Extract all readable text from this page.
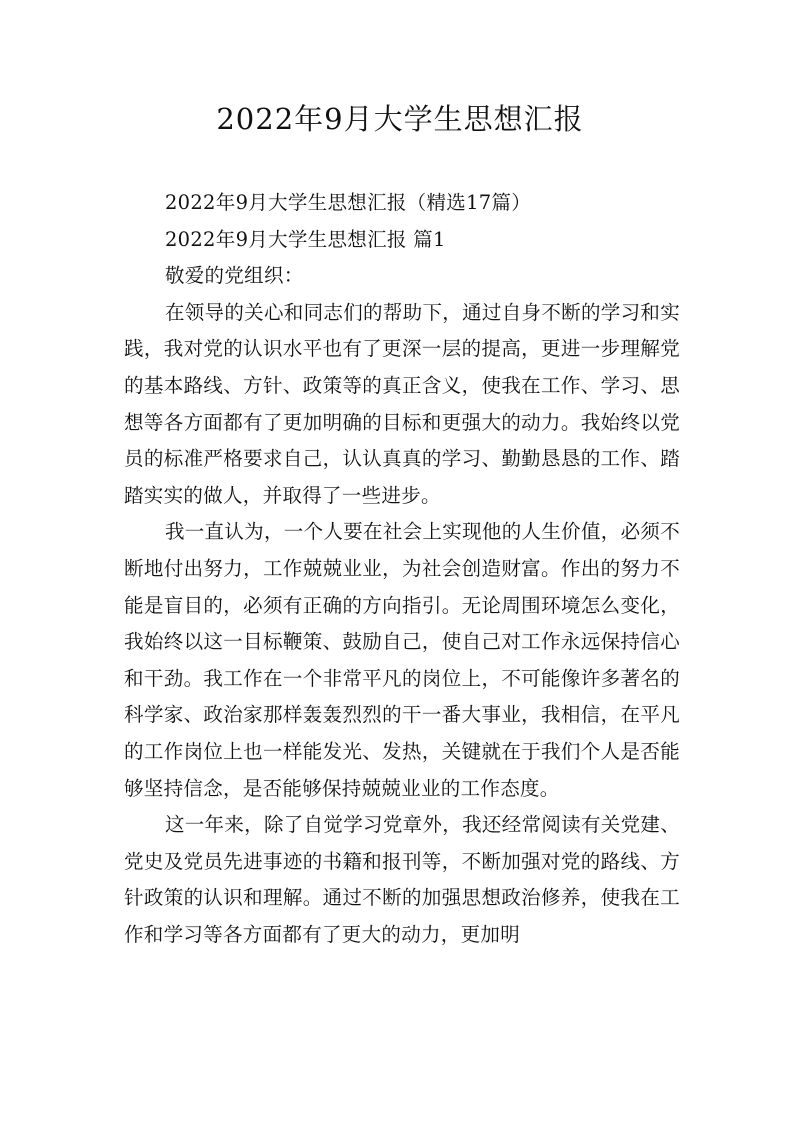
2022年9月大学生思想汇报

2022年9月大学生思想汇报（精选17篇）

2022年9月大学生思想汇报 篇1

敬爱的党组织：

在领导的关心和同志们的帮助下，通过自身不断的学习和实践，我对党的认识水平也有了更深一层的提高，更进一步理解党的基本路线、方针、政策等的真正含义，使我在工作、学习、思想等各方面都有了更加明确的目标和更强大的动力。我始终以党员的标准严格要求自己，认认真真的学习、勤勤恳恳的工作、踏踏实实的做人，并取得了一些进步。

我一直认为，一个人要在社会上实现他的人生价值，必须不断地付出努力，工作兢兢业业，为社会创造财富。作出的努力不能是盲目的，必须有正确的方向指引。无论周围环境怎么变化，我始终以这一目标鞭策、鼓励自己，使自己对工作永远保持信心和干劲。我工作在一个非常平凡的岗位上，不可能像许多著名的科学家、政治家那样轰轰烈烈的干一番大事业，我相信，在平凡的工作岗位上也一样能发光、发热，关键就在于我们个人是否能够坚持信念，是否能够保持兢兢业业的工作态度。

这一年来，除了自觉学习党章外，我还经常阅读有关党建、党史及党员先进事迹的书籍和报刊等，不断加强对党的路线、方针政策的认识和理解。通过不断的加强思想政治修养，使我在工作和学习等各方面都有了更大的动力，更加明
